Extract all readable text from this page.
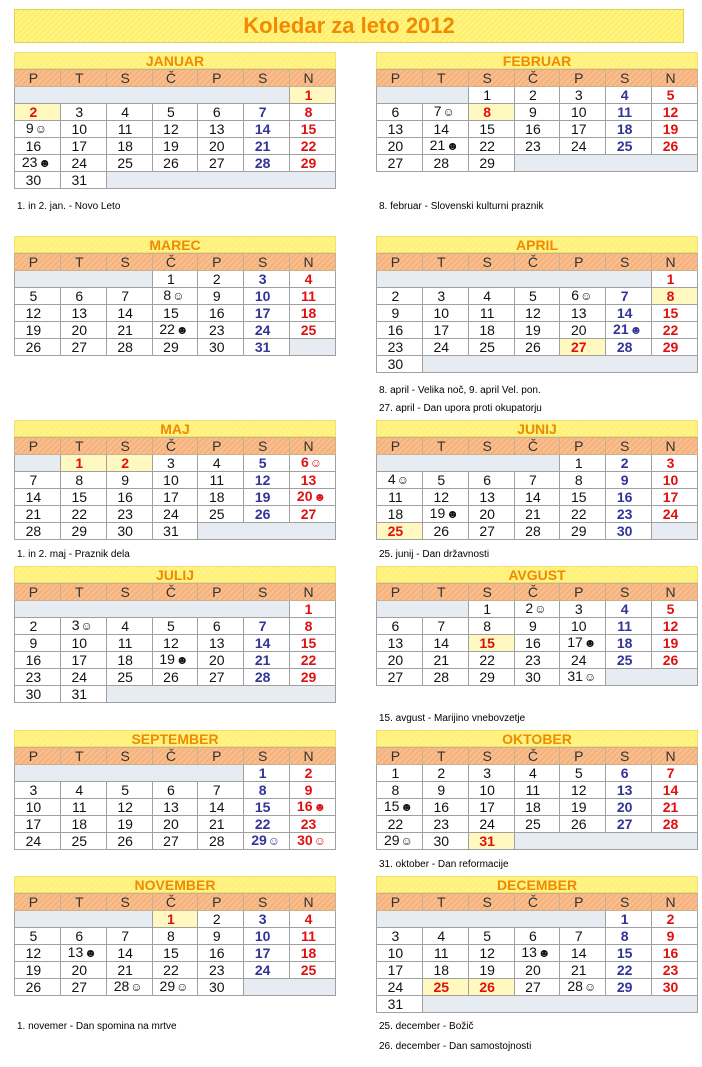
Koledar za leto 2012
JANUAR
P	T	S	Č	P	S	N
						1
2	3	4	5	6	7	8
9☺	10	11	12	13	14	15
16	17	18	19	20	21	22
23☻	24	25	26	27	28	29
30	31					
1. in 2. jan. - Novo Leto
FEBRUAR
P	T	S	Č	P	S	N
		1	2	3	4	5
6	7☺	8	9	10	11	12
13	14	15	16	17	18	19
20	21☻	22	23	24	25	26
27	28	29				
8. februar - Slovenski kulturni praznik
MAREC
P	T	S	Č	P	S	N
			1	2	3	4
5	6	7	8☺	9	10	11
12	13	14	15	16	17	18
19	20	21	22☻	23	24	25
26	27	28	29	30	31	
APRIL
P	T	S	Č	P	S	N
						1
2	3	4	5	6☺	7	8
9	10	11	12	13	14	15
16	17	18	19	20	21☻	22
23	24	25	26	27	28	29
30						
8. april - Velika noč, 9. april Vel. pon.
27. april - Dan upora proti okupatorju
MAJ
P	T	S	Č	P	S	N
	1	2	3	4	5	6☺
7	8	9	10	11	12	13
14	15	16	17	18	19	20☻
21	22	23	24	25	26	27
28	29	30	31			
1. in 2. maj - Praznik dela
JUNIJ
P	T	S	Č	P	S	N
				1	2	3
4☺	5	6	7	8	9	10
11	12	13	14	15	16	17
18	19☻	20	21	22	23	24
25	26	27	28	29	30	
25. junij - Dan državnosti
JULIJ
P	T	S	Č	P	S	N
						1
2	3☺	4	5	6	7	8
9	10	11	12	13	14	15
16	17	18	19☻	20	21	22
23	24	25	26	27	28	29
30	31					
AVGUST
P	T	S	Č	P	S	N
		1	2☺	3	4	5
6	7	8	9	10	11	12
13	14	15	16	17☻	18	19
20	21	22	23	24	25	26
27	28	29	30	31☺		
15. avgust - Marijino vnebovzetje
SEPTEMBER
P	T	S	Č	P	S	N
					1	2
3	4	5	6	7	8	9
10	11	12	13	14	15	16☻
17	18	19	20	21	22	23
24	25	26	27	28	29☺	30☺
OKTOBER
P	T	S	Č	P	S	N
1	2	3	4	5	6	7
8	9	10	11	12	13	14
15☻	16	17	18	19	20	21
22	23	24	25	26	27	28
29☺	30	31				
31. oktober - Dan reformacije
NOVEMBER
P	T	S	Č	P	S	N
			1	2	3	4
5	6	7	8	9	10	11
12	13☻	14	15	16	17	18
19	20	21	22	23	24	25
26	27	28☺	29☺	30		
1. novemer - Dan spomina na mrtve
DECEMBER
P	T	S	Č	P	S	N
					1	2
3	4	5	6	7	8	9
10	11	12	13☻	14	15	16
17	18	19	20	21	22	23
24	25	26	27	28☺	29	30
31						
25. december - Božič
26. december - Dan samostojnosti
